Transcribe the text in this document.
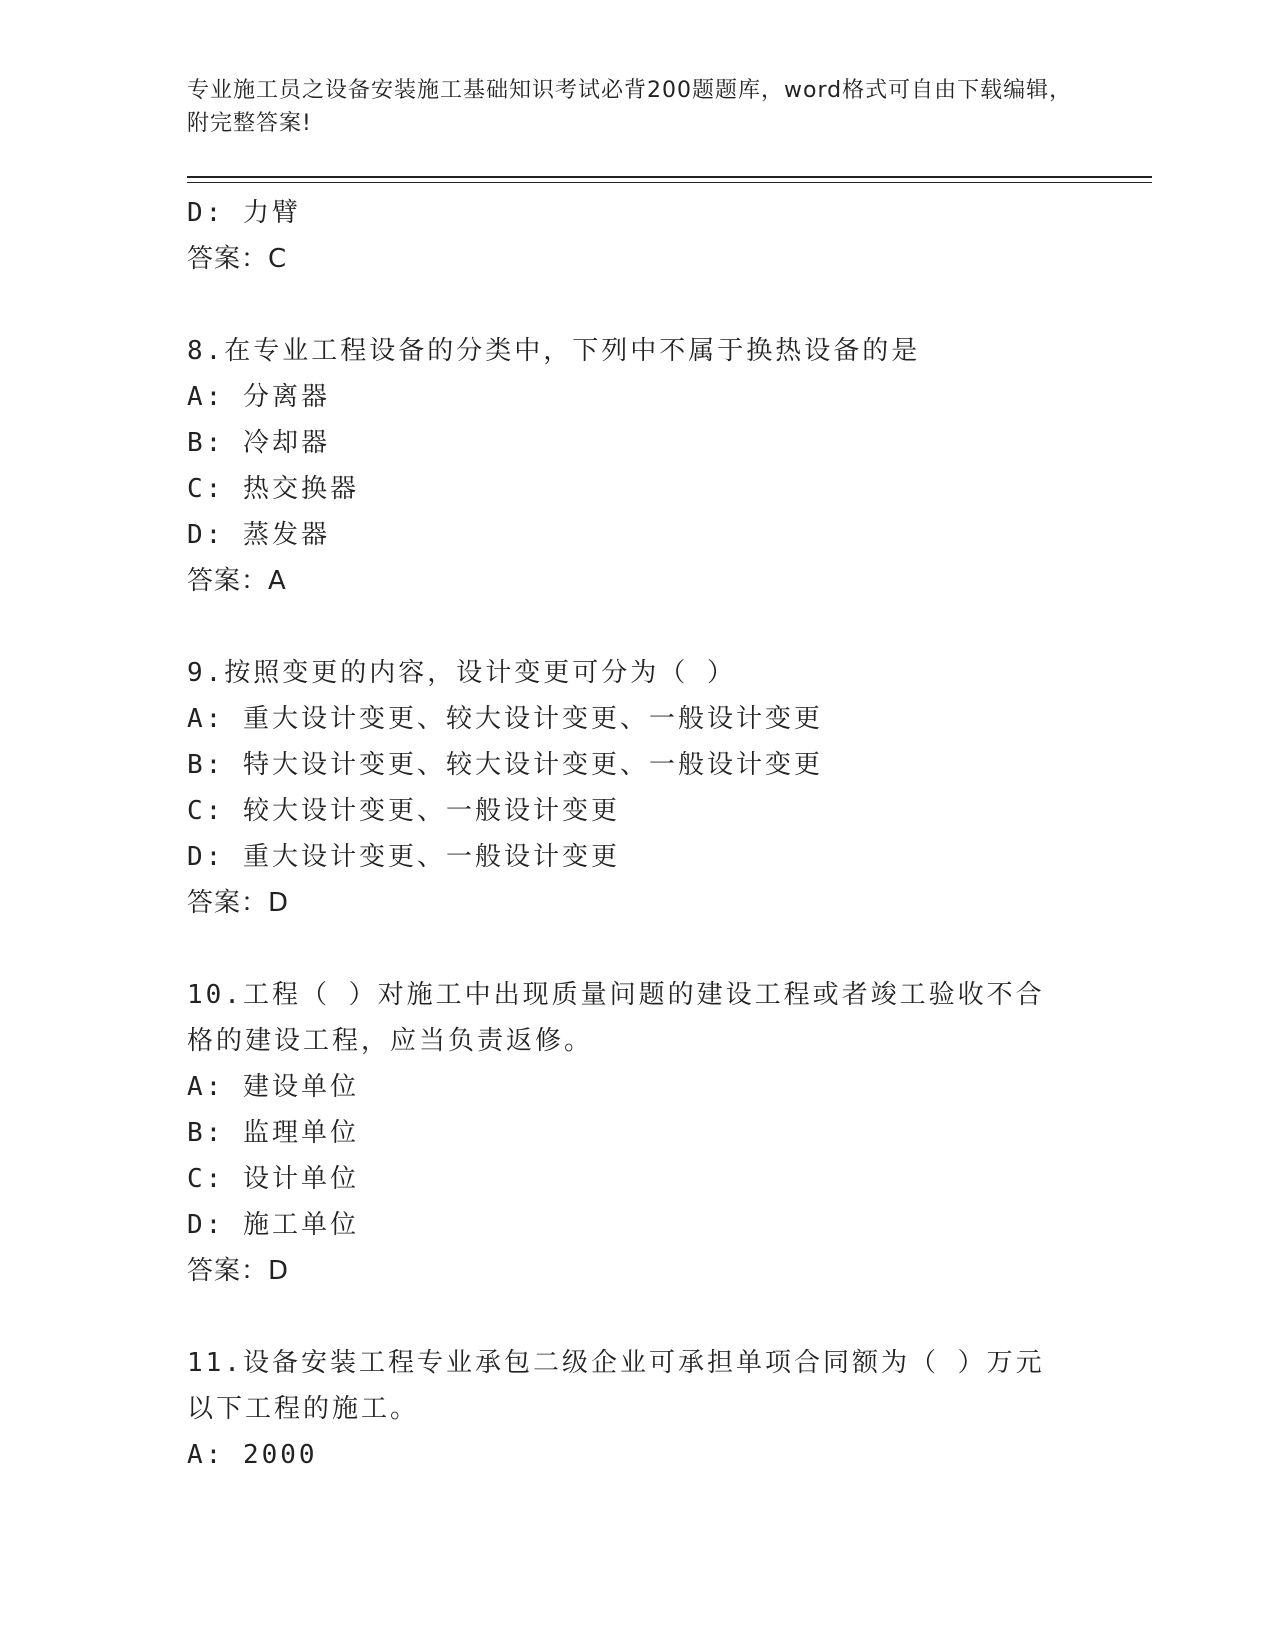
专业施工员之设备安装施工基础知识考试必背200题题库，word格式可自由下载编辑，附完整答案!
D: 力臂
答案：C
8.在专业工程设备的分类中，下列中不属于换热设备的是
A: 分离器
B: 冷却器
C: 热交换器
D: 蒸发器
答案：A
9.按照变更的内容，设计变更可分为（ ）
A: 重大设计变更、较大设计变更、一般设计变更
B: 特大设计变更、较大设计变更、一般设计变更
C: 较大设计变更、一般设计变更
D: 重大设计变更、一般设计变更
答案：D
10.工程（ ）对施工中出现质量问题的建设工程或者竣工验收不合格的建设工程，应当负责返修。
A: 建设单位
B: 监理单位
C: 设计单位
D: 施工单位
答案：D
11.设备安装工程专业承包二级企业可承担单项合同额为（ ）万元以下工程的施工。
A: 2000
